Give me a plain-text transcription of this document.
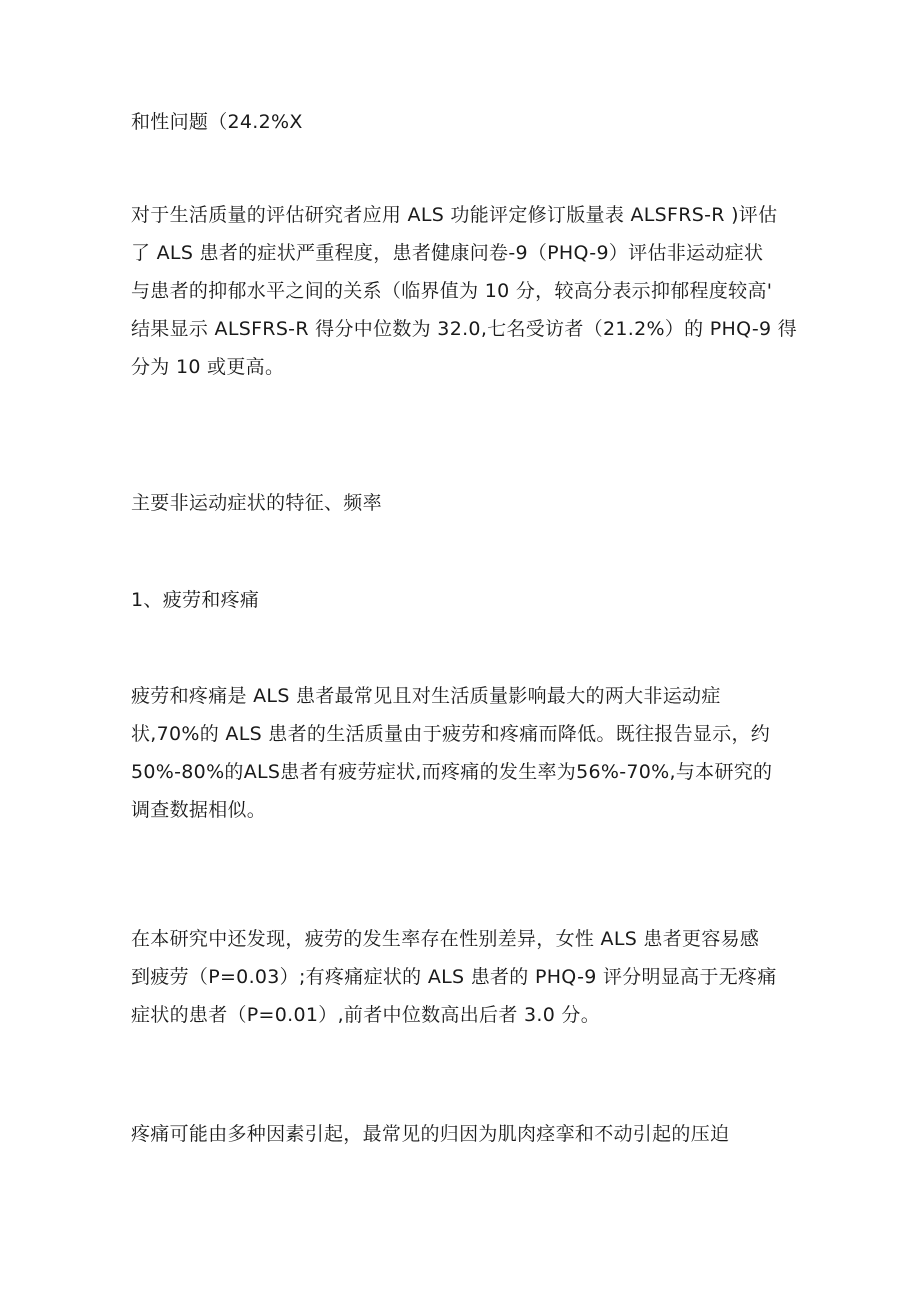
和性问题（24.2%X

对于生活质量的评估研究者应用 ALS 功能评定修订版量表 ALSFRS-R )评估
了 ALS 患者的症状严重程度，患者健康问卷-9（PHQ-9）评估非运动症状
与患者的抑郁水平之间的关系（临界值为 10 分，较高分表示抑郁程度较高'
结果显示 ALSFRS-R 得分中位数为 32.0,七名受访者（21.2%）的 PHQ-9 得
分为 10 或更高。

主要非运动症状的特征、频率

1、疲劳和疼痛

疲劳和疼痛是 ALS 患者最常见且对生活质量影响最大的两大非运动症
状,70%的 ALS 患者的生活质量由于疲劳和疼痛而降低。既往报告显示，约
50%-80%的ALS患者有疲劳症状,而疼痛的发生率为56%-70%,与本研究的
调查数据相似。

在本研究中还发现，疲劳的发生率存在性别差异，女性 ALS 患者更容易感
到疲劳（P=0.03）;有疼痛症状的 ALS 患者的 PHQ-9 评分明显高于无疼痛
症状的患者（P=0.01）,前者中位数高出后者 3.0 分。

疼痛可能由多种因素引起，最常见的归因为肌肉痉挛和不动引起的压迫
